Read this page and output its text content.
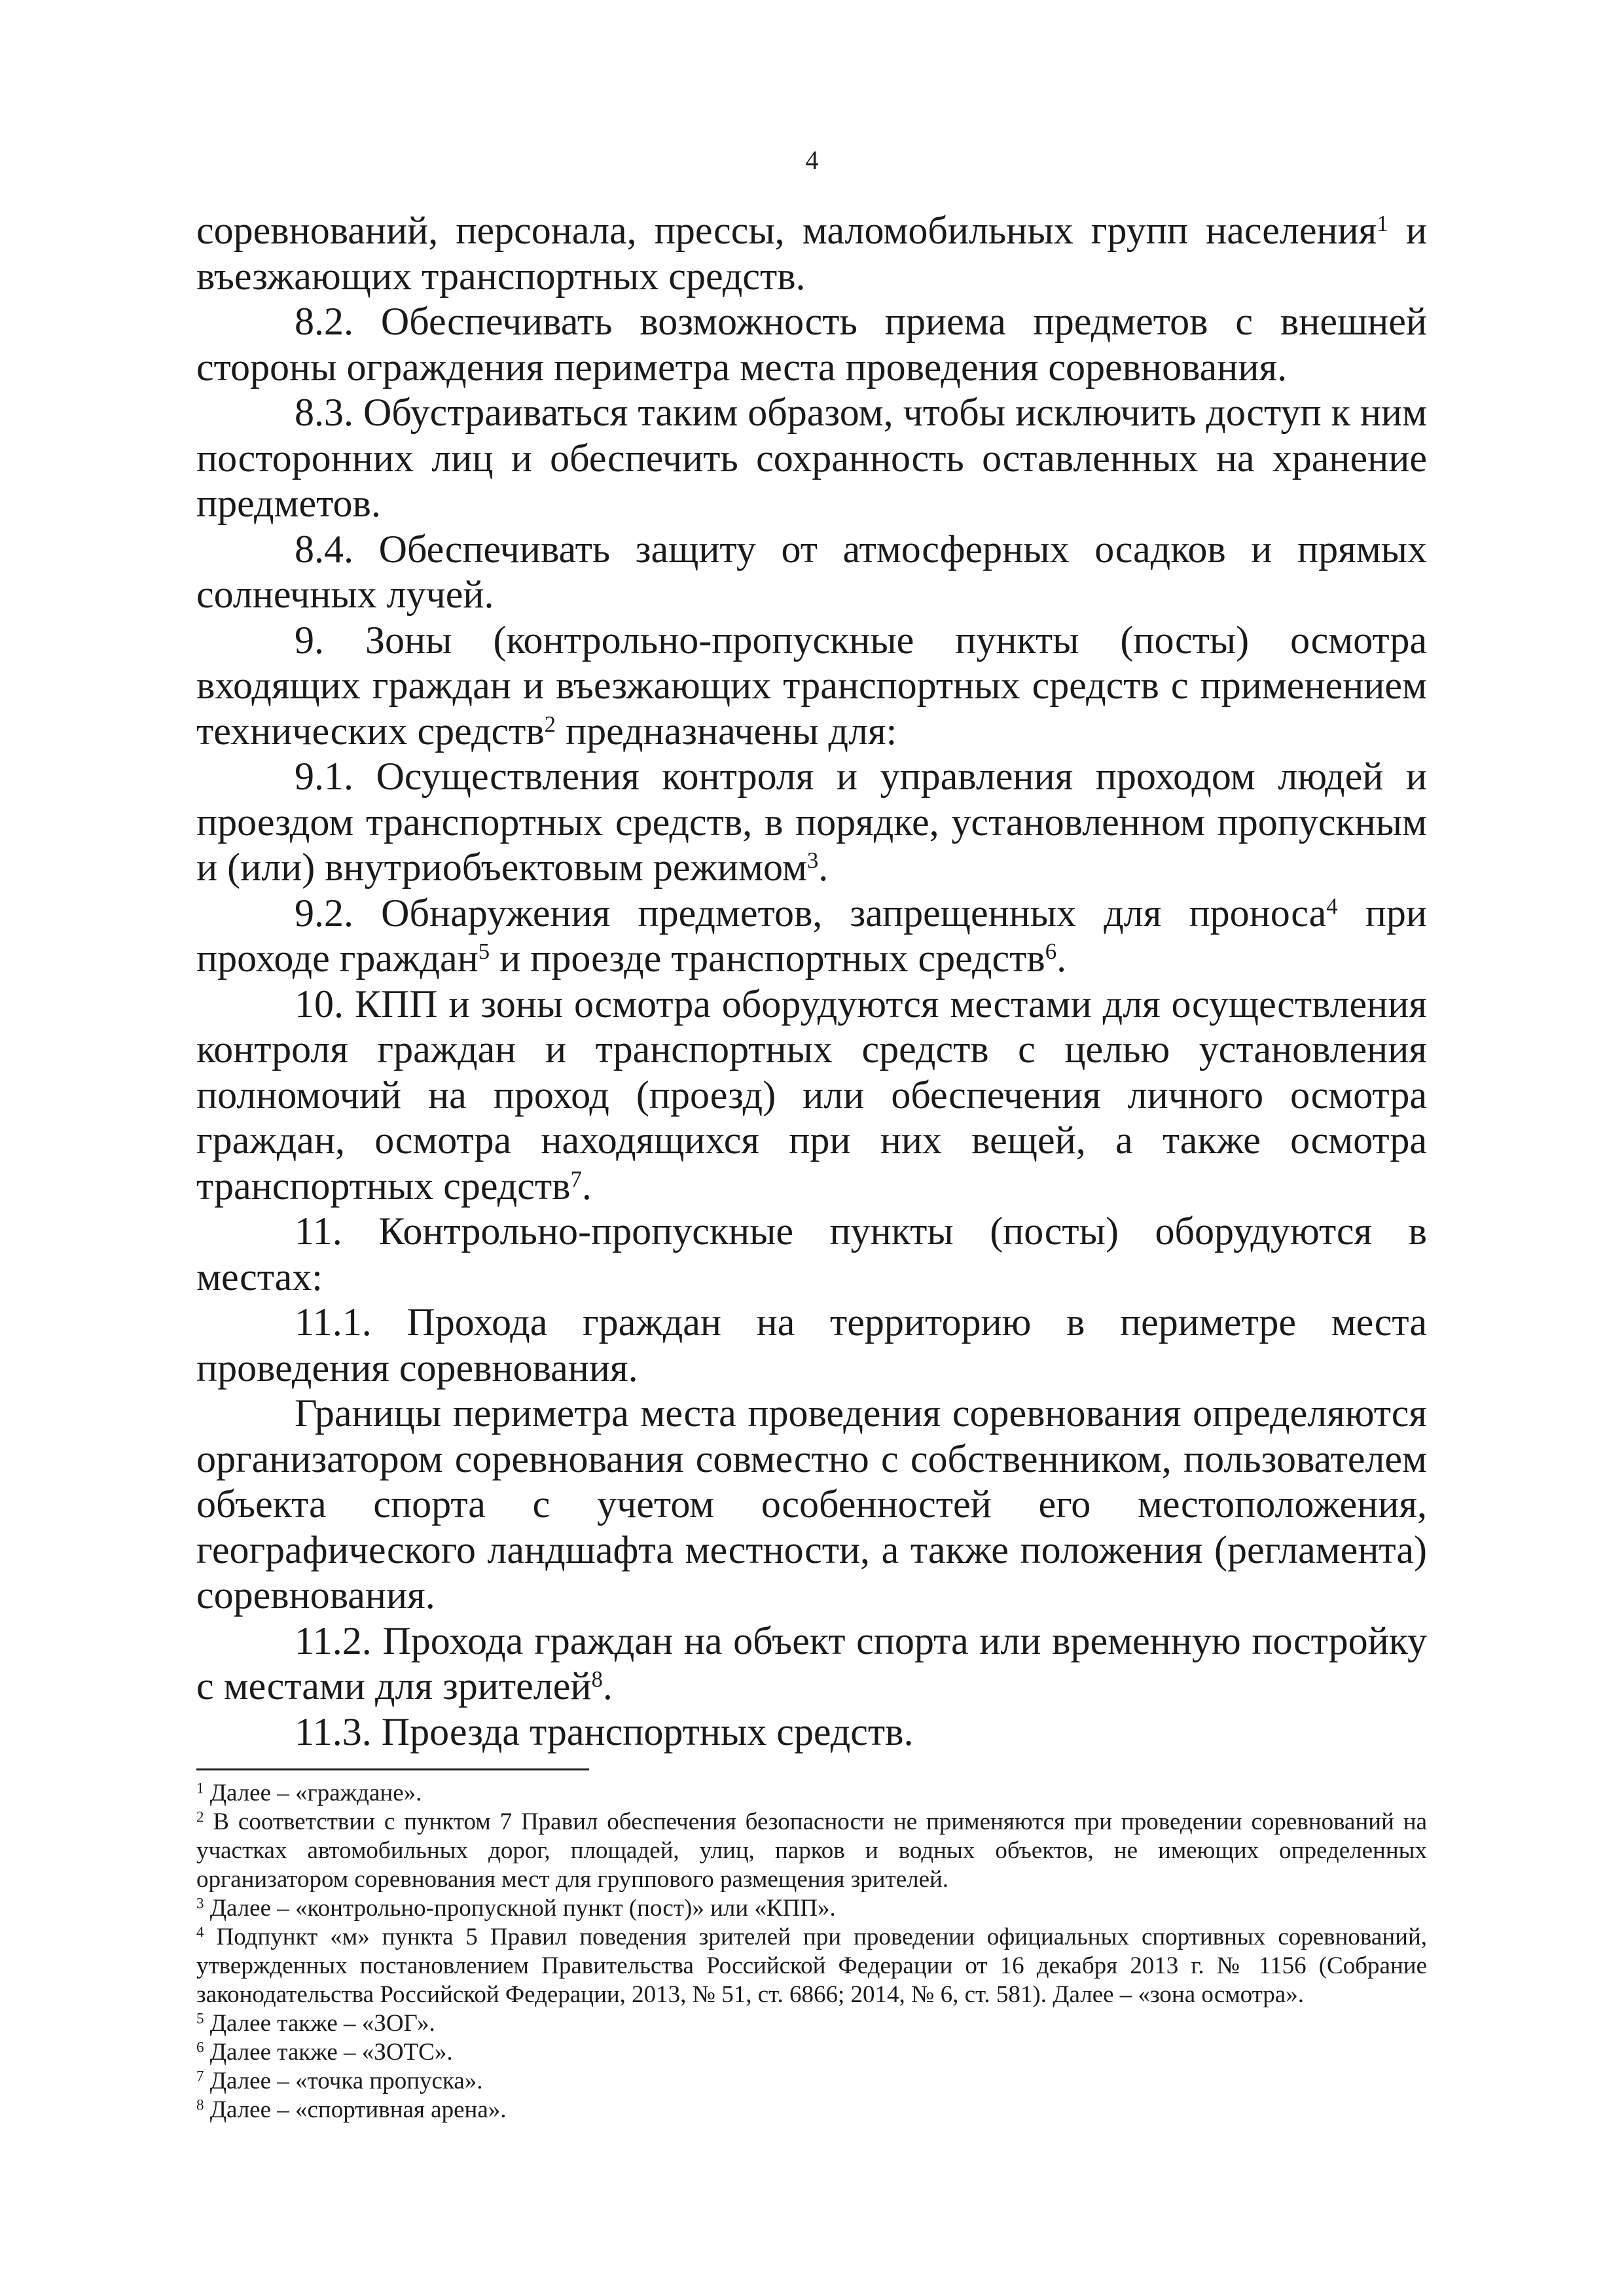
4

соревнований, персонала, прессы, маломобильных групп населения$^1$ и въезжающих транспортных средств.

8.2. Обеспечивать возможность приема предметов с внешней стороны ограждения периметра места проведения соревнования.

8.3. Обустраиваться таким образом, чтобы исключить доступ к ним посторонних лиц и обеспечить сохранность оставленных на хранение предметов.

8.4. Обеспечивать защиту от атмосферных осадков и прямых солнечных лучей.

9. Зоны (контрольно-пропускные пункты (посты) осмотра входящих граждан и въезжающих транспортных средств с применением технических средств$^2$ предназначены для:

9.1. Осуществления контроля и управления проходом людей и проездом транспортных средств, в порядке, установленном пропускным и (или) внутриобъектовым режимом$^3$.

9.2. Обнаружения предметов, запрещенных для проноса$^4$ при проходе граждан$^5$ и проезде транспортных средств$^6$.

10. КПП и зоны осмотра оборудуются местами для осуществления контроля граждан и транспортных средств с целью установления полномочий на проход (проезд) или обеспечения личного осмотра граждан, осмотра находящихся при них вещей, а также осмотра транспортных средств$^7$.

11. Контрольно-пропускные пункты (посты) оборудуются в местах:

11.1. Прохода граждан на территорию в периметре места проведения соревнования.

Границы периметра места проведения соревнования определяются организатором соревнования совместно с собственником, пользователем объекта спорта с учетом особенностей его местоположения, географического ландшафта местности, а также положения (регламента) соревнования.

11.2. Прохода граждан на объект спорта или временную постройку с местами для зрителей$^8$.

11.3. Проезда транспортных средств.

$^1$ Далее – «граждане».

$^2$ В соответствии с пунктом 7 Правил обеспечения безопасности не применяются при проведении соревнований на участках автомобильных дорог, площадей, улиц, парков и водных объектов, не имеющих определенных организатором соревнования мест для группового размещения зрителей.

$^3$ Далее – «контрольно-пропускной пункт (пост)» или «КПП».

$^4$ Подпункт «м» пункта 5 Правил поведения зрителей при проведении официальных спортивных соревнований, утвержденных постановлением Правительства Российской Федерации от 16 декабря 2013 г. № 1156 (Собрание законодательства Российской Федерации, 2013, № 51, ст. 6866; 2014, № 6, ст. 581). Далее – «зона осмотра».

$^5$ Далее также – «ЗОГ».

$^6$ Далее также – «ЗОТС».

$^7$ Далее – «точка пропуска».

$^8$ Далее – «спортивная арена».
